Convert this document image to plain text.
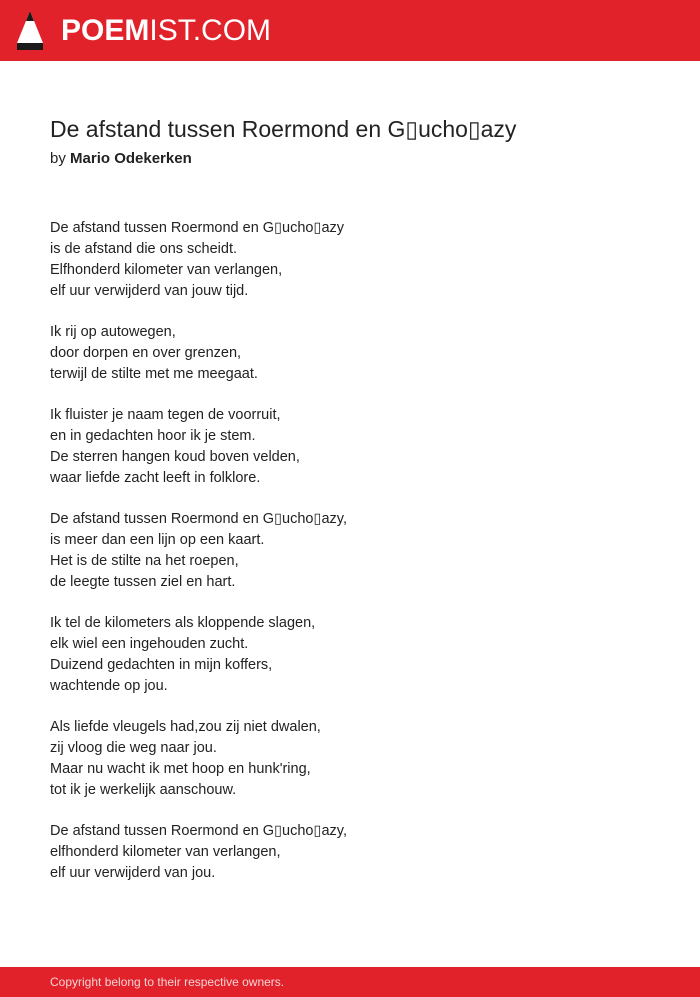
POEM IST.COM
De afstand tussen Roermond en G▯ucho▯azy
by Mario Odekerken
De afstand tussen Roermond en G▯ucho▯azy
is de afstand die ons scheidt.
Elfhonderd kilometer van verlangen,
elf uur verwijderd van jouw tijd.
Ik rij op autowegen,
door dorpen en over grenzen,
terwijl de stilte met me meegaat.
Ik fluister je naam tegen de voorruit,
en in gedachten hoor ik je stem.
De sterren hangen koud boven velden,
waar liefde zacht leeft in folklore.
De afstand tussen Roermond en G▯ucho▯azy,
is meer dan een lijn op een kaart.
Het is de stilte na het roepen,
de leegte tussen ziel en hart.
Ik tel de kilometers als kloppende slagen,
elk wiel een ingehouden zucht.
Duizend gedachten in mijn koffers,
wachtende op jou.
Als liefde vleugels had,zou zij niet dwalen,
zij vloog die weg naar jou.
Maar nu wacht ik met hoop en hunk'ring,
tot ik je werkelijk aanschouw.
De afstand tussen Roermond en G▯ucho▯azy,
elfhonderd kilometer van verlangen,
elf uur verwijderd van jou.
Copyright belong to their respective owners.
